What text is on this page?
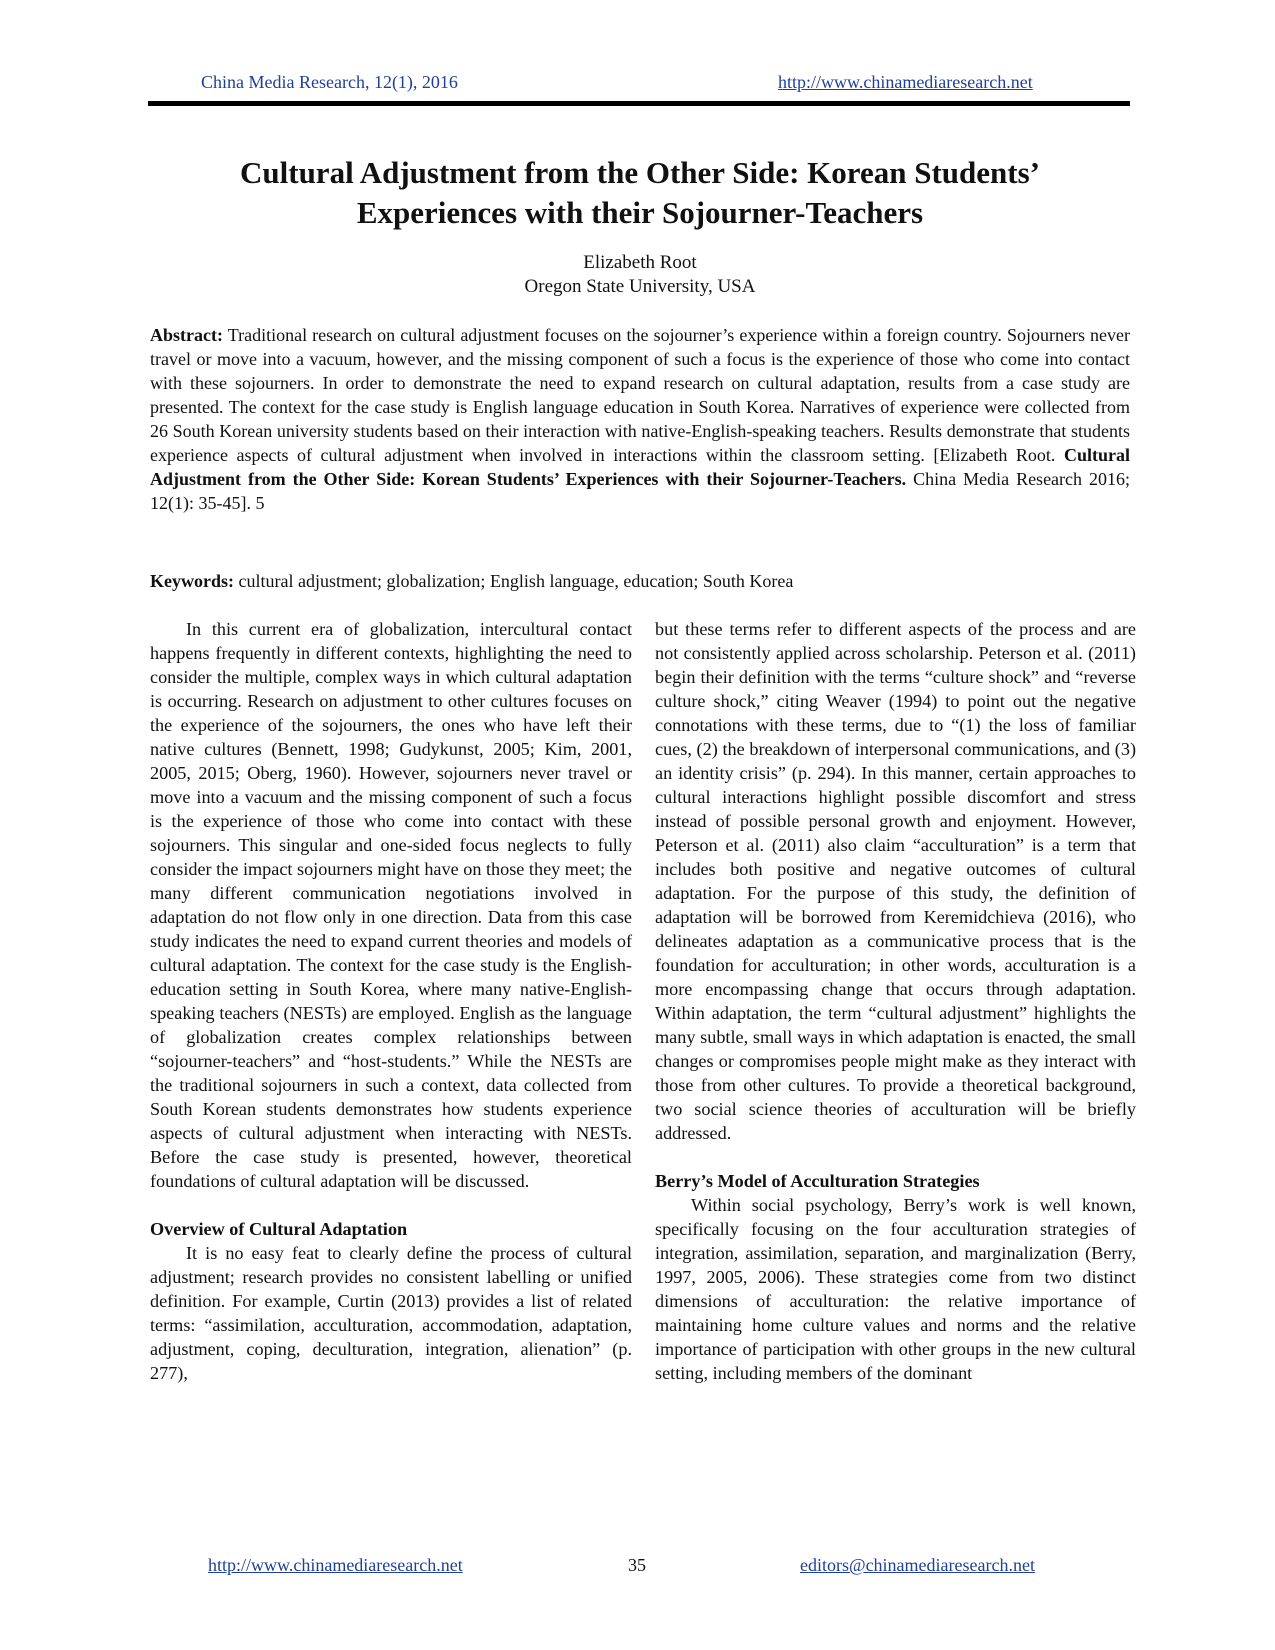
China Media Research, 12(1), 2016	http://www.chinamediaresearch.net
Cultural Adjustment from the Other Side: Korean Students’
Experiences with their Sojourner-Teachers
Elizabeth Root
Oregon State University, USA

Abstract: Traditional research on cultural adjustment focuses on the sojourner’s experience within a foreign country. Sojourners never travel or move into a vacuum, however, and the missing component of such a focus is the experience of those who come into contact with these sojourners. In order to demonstrate the need to expand research on cultural adaptation, results from a case study are presented. The context for the case study is English language education in South Korea. Narratives of experience were collected from 26 South Korean university students based on their interaction with native-English-speaking teachers. Results demonstrate that students experience aspects of cultural adjustment when involved in interactions within the classroom setting. [Elizabeth Root. Cultural Adjustment from the Other Side: Korean Students’ Experiences with their Sojourner-Teachers. China Media Research 2016; 12(1): 35-45]. 5

Keywords: cultural adjustment; globalization; English language, education; South Korea

In this current era of globalization, intercultural contact happens frequently in different contexts, highlighting the need to consider the multiple, complex ways in which cultural adaptation is occurring. Research on adjustment to other cultures focuses on the experience of the sojourners, the ones who have left their native cultures (Bennett, 1998; Gudykunst, 2005; Kim, 2001, 2005, 2015; Oberg, 1960). However, sojourners never travel or move into a vacuum and the missing component of such a focus is the experience of those who come into contact with these sojourners. This singular and one-sided focus neglects to fully consider the impact sojourners might have on those they meet; the many different communication negotiations involved in adaptation do not flow only in one direction. Data from this case study indicates the need to expand current theories and models of cultural adaptation. The context for the case study is the English-education setting in South Korea, where many native-English-speaking teachers (NESTs) are employed. English as the language of globalization creates complex relationships between “sojourner-teachers” and “host-students.” While the NESTs are the traditional sojourners in such a context, data collected from South Korean students demonstrates how students experience aspects of cultural adjustment when interacting with NESTs. Before the case study is presented, however, theoretical foundations of cultural adaptation will be discussed.

Overview of Cultural Adaptation

It is no easy feat to clearly define the process of cultural adjustment; research provides no consistent labelling or unified definition. For example, Curtin (2013) provides a list of related terms: “assimilation, acculturation, accommodation, adaptation, adjustment, coping, deculturation, integration, alienation” (p. 277),

but these terms refer to different aspects of the process and are not consistently applied across scholarship. Peterson et al. (2011) begin their definition with the terms “culture shock” and “reverse culture shock,” citing Weaver (1994) to point out the negative connotations with these terms, due to “(1) the loss of familiar cues, (2) the breakdown of interpersonal communications, and (3) an identity crisis” (p. 294). In this manner, certain approaches to cultural interactions highlight possible discomfort and stress instead of possible personal growth and enjoyment. However, Peterson et al. (2011) also claim “acculturation” is a term that includes both positive and negative outcomes of cultural adaptation. For the purpose of this study, the definition of adaptation will be borrowed from Keremidchieva (2016), who delineates adaptation as a communicative process that is the foundation for acculturation; in other words, acculturation is a more encompassing change that occurs through adaptation. Within adaptation, the term “cultural adjustment” highlights the many subtle, small ways in which adaptation is enacted, the small changes or compromises people might make as they interact with those from other cultures. To provide a theoretical background, two social science theories of acculturation will be briefly addressed.

Berry’s Model of Acculturation Strategies

Within social psychology, Berry’s work is well known, specifically focusing on the four acculturation strategies of integration, assimilation, separation, and marginalization (Berry, 1997, 2005, 2006). These strategies come from two distinct dimensions of acculturation: the relative importance of maintaining home culture values and norms and the relative importance of participation with other groups in the new cultural setting, including members of the dominant

http://www.chinamediaresearch.net	35	editors@chinamediaresearch.net
